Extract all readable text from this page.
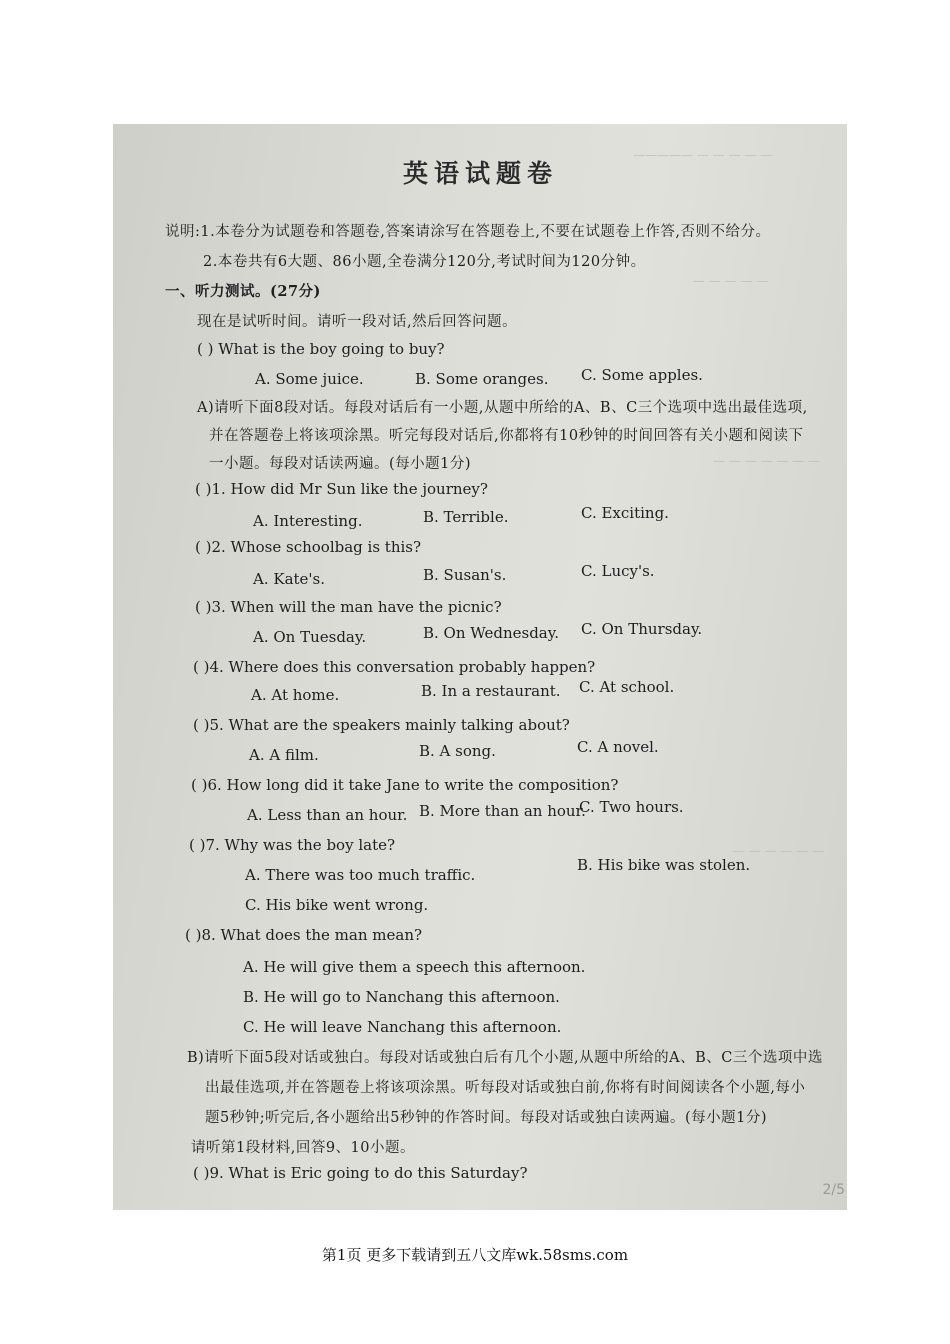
————— — — — — —
— — — — —
— — — — — — —
— — — — — —
英语试题卷
说明:1.本卷分为试题卷和答题卷,答案请涂写在答题卷上,不要在试题卷上作答,否则不给分。
2.本卷共有6大题、86小题,全卷满分120分,考试时间为120分钟。
一、听力测试。(27分)
现在是试听时间。请听一段对话,然后回答问题。
( ) What is the boy going to buy?
A. Some juice.	B. Some oranges. C. Some apples.
A)请听下面8段对话。每段对话后有一小题,从题中所给的A、B、C三个选项中选出最佳选项,
并在答题卷上将该项涂黑。听完每段对话后,你都将有10秒钟的时间回答有关小题和阅读下
一小题。每段对话读两遍。(每小题1分)
( )1. How did Mr Sun like the journey?
A. Interesting.	B. Terrible.	C. Exciting.
( )2. Whose schoolbag is this?
A. Kate's.	B. Susan's.	C. Lucy's.
( )3. When will the man have the picnic?
A. On Tuesday.	B. On Wednesday. C. On Thursday.
( )4. Where does this conversation probably happen?
A. At home.	B. In a restaurant. C. At school.
( )5. What are the speakers mainly talking about?
A. A film.	B. A song.	C. A novel.
( )6. How long did it take Jane to write the composition?
A. Less than an hour. B. More than an hour.
C. Two hours.
( )7. Why was the boy late?
A. There was too much traffic.
B. His bike was stolen.
C. His bike went wrong.
( )8. What does the man mean?
A. He will give them a speech this afternoon.
B. He will go to Nanchang this afternoon.
C. He will leave Nanchang this afternoon.
B)请听下面5段对话或独白。每段对话或独白后有几个小题,从题中所给的A、B、C三个选项中选
出最佳选项,并在答题卷上将该项涂黑。听每段对话或独白前,你将有时间阅读各个小题,每小
题5秒钟;听完后,各小题给出5秒钟的作答时间。每段对话或独白读两遍。(每小题1分)
请听第1段材料,回答9、10小题。
( )9. What is Eric going to do this Saturday?
2/5
第1页 更多下载请到五八文库wk.58sms.com
